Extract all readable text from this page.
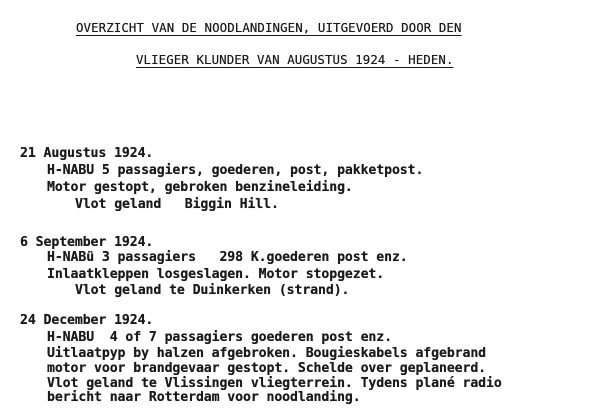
OVERZICHT VAN DE NOODLANDINGEN, UITGEVOERD DOOR DEN
VLIEGER KLUNDER VAN AUGUSTUS 1924 - HEDEN.
21 Augustus 1924.
H-NABU 5 passagiers, goederen, post, pakketpost.
Motor gestopt, gebroken benzineleiding.
Vlot geland   Biggin Hill.
6 September 1924.
H-NABü 3 passagiers   298 K.goederen post enz.
Inlaatkleppen losgeslagen. Motor stopgezet.
Vlot geland te Duinkerken (strand).
24 December 1924.
H-NABU  4 of 7 passagiers goederen post enz.
Uitlaatpyp by halzen afgebroken. Bougieskabels afgebrand
motor voor brandgevaar gestopt. Schelde over geplaneerd.
Vlot geland te Vlissingen vliegterrein. Tydens plané radio
bericht naar Rotterdam voor noodlanding.
